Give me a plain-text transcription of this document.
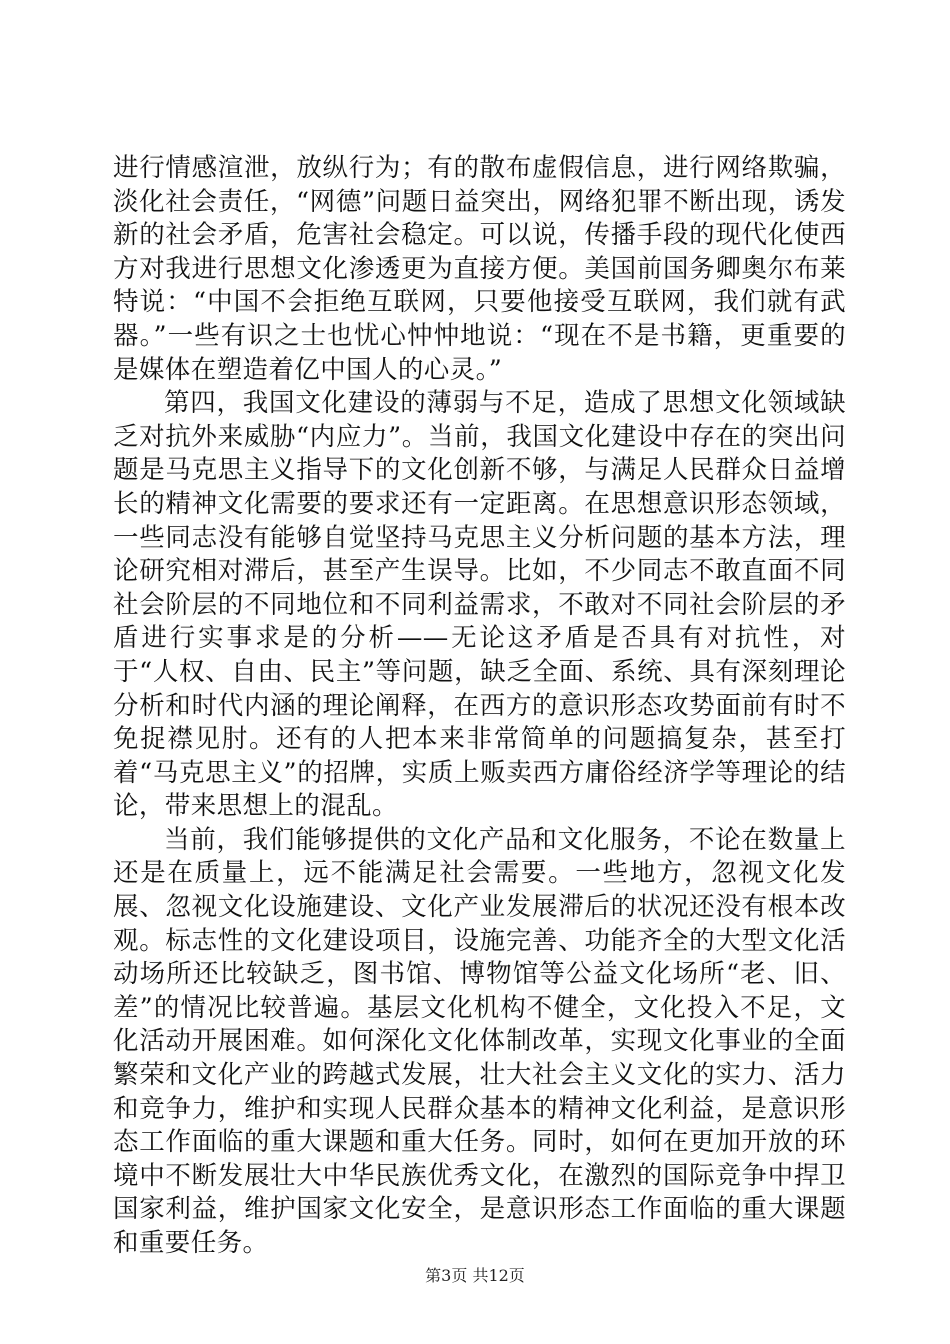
进行情感渲泄，放纵行为；有的散布虚假信息，进行网络欺骗，淡化社会责任，“网德”问题日益突出，网络犯罪不断出现，诱发新的社会矛盾，危害社会稳定。可以说，传播手段的现代化使西方对我进行思想文化渗透更为直接方便。美国前国务卿奥尔布莱特说：“中国不会拒绝互联网，只要他接受互联网，我们就有武器。”一些有识之士也忧心忡忡地说：“现在不是书籍，更重要的是媒体在塑造着亿中国人的心灵。”

第四，我国文化建设的薄弱与不足，造成了思想文化领域缺乏对抗外来威胁“内应力”。当前，我国文化建设中存在的突出问题是马克思主义指导下的文化创新不够，与满足人民群众日益增长的精神文化需要的要求还有一定距离。在思想意识形态领域，一些同志没有能够自觉坚持马克思主义分析问题的基本方法，理论研究相对滞后，甚至产生误导。比如，不少同志不敢直面不同社会阶层的不同地位和不同利益需求，不敢对不同社会阶层的矛盾进行实事求是的分析——无论这矛盾是否具有对抗性，对于“人权、自由、民主”等问题，缺乏全面、系统、具有深刻理论分析和时代内涵的理论阐释，在西方的意识形态攻势面前有时不免捉襟见肘。还有的人把本来非常简单的问题搞复杂，甚至打着“马克思主义”的招牌，实质上贩卖西方庸俗经济学等理论的结论，带来思想上的混乱。

当前，我们能够提供的文化产品和文化服务，不论在数量上还是在质量上，远不能满足社会需要。一些地方，忽视文化发展、忽视文化设施建设、文化产业发展滞后的状况还没有根本改观。标志性的文化建设项目，设施完善、功能齐全的大型文化活动场所还比较缺乏，图书馆、博物馆等公益文化场所“老、旧、差”的情况比较普遍。基层文化机构不健全，文化投入不足，文化活动开展困难。如何深化文化体制改革，实现文化事业的全面繁荣和文化产业的跨越式发展，壮大社会主义文化的实力、活力和竞争力，维护和实现人民群众基本的精神文化利益，是意识形态工作面临的重大课题和重大任务。同时，如何在更加开放的环境中不断发展壮大中华民族优秀文化，在激烈的国际竞争中捍卫国家利益，维护国家文化安全，是意识形态工作面临的重大课题和重要任务。

第3页 共12页
